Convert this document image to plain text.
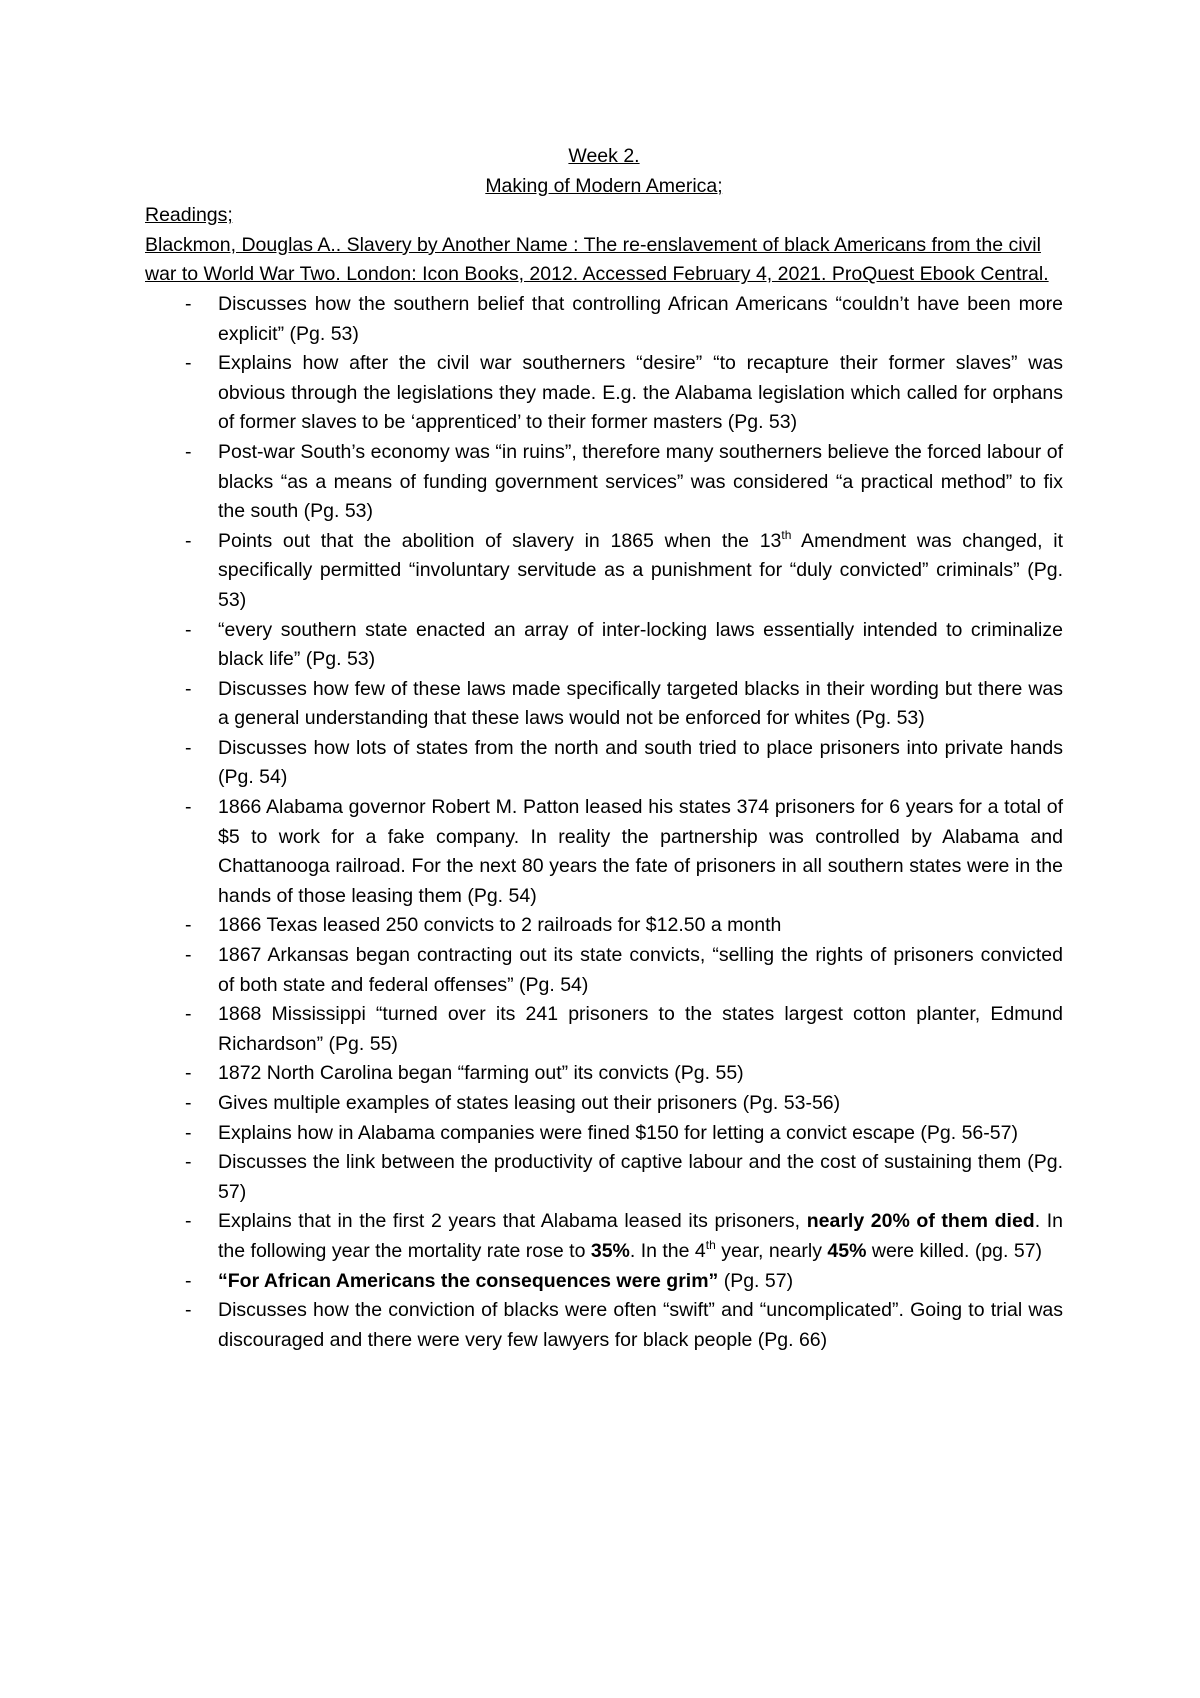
Week 2.

Making of Modern America;

Readings;

Blackmon, Douglas A.. Slavery by Another Name : The re-enslavement of black Americans from the civil war to World War Two. London: Icon Books, 2012. Accessed February 4, 2021. ProQuest Ebook Central.

- Discusses how the southern belief that controlling African Americans “couldn’t have been more explicit” (Pg. 53)
- Explains how after the civil war southerners “desire” “to recapture their former slaves” was obvious through the legislations they made. E.g. the Alabama legislation which called for orphans of former slaves to be ‘apprenticed’ to their former masters (Pg. 53)
- Post-war South’s economy was “in ruins”, therefore many southerners believe the forced labour of blacks “as a means of funding government services” was considered “a practical method” to fix the south (Pg. 53)
- Points out that the abolition of slavery in 1865 when the 13th Amendment was changed, it specifically permitted “involuntary servitude as a punishment for “duly convicted” criminals” (Pg. 53)
- “every southern state enacted an array of inter-locking laws essentially intended to criminalize black life” (Pg. 53)
- Discusses how few of these laws made specifically targeted blacks in their wording but there was a general understanding that these laws would not be enforced for whites (Pg. 53)
- Discusses how lots of states from the north and south tried to place prisoners into private hands (Pg. 54)
- 1866 Alabama governor Robert M. Patton leased his states 374 prisoners for 6 years for a total of $5 to work for a fake company. In reality the partnership was controlled by Alabama and Chattanooga railroad. For the next 80 years the fate of prisoners in all southern states were in the hands of those leasing them (Pg. 54)
- 1866 Texas leased 250 convicts to 2 railroads for $12.50 a month
- 1867 Arkansas began contracting out its state convicts, “selling the rights of prisoners convicted of both state and federal offenses” (Pg. 54)
- 1868 Mississippi “turned over its 241 prisoners to the states largest cotton planter, Edmund Richardson” (Pg. 55)
- 1872 North Carolina began “farming out” its convicts (Pg. 55)
- Gives multiple examples of states leasing out their prisoners (Pg. 53-56)
- Explains how in Alabama companies were fined $150 for letting a convict escape (Pg. 56-57)
- Discusses the link between the productivity of captive labour and the cost of sustaining them (Pg. 57)
- Explains that in the first 2 years that Alabama leased its prisoners, nearly 20% of them died. In the following year the mortality rate rose to 35%. In the 4th year, nearly 45% were killed. (pg. 57)
- “For African Americans the consequences were grim” (Pg. 57)
- Discusses how the conviction of blacks were often “swift” and “uncomplicated”. Going to trial was discouraged and there were very few lawyers for black people (Pg. 66)
